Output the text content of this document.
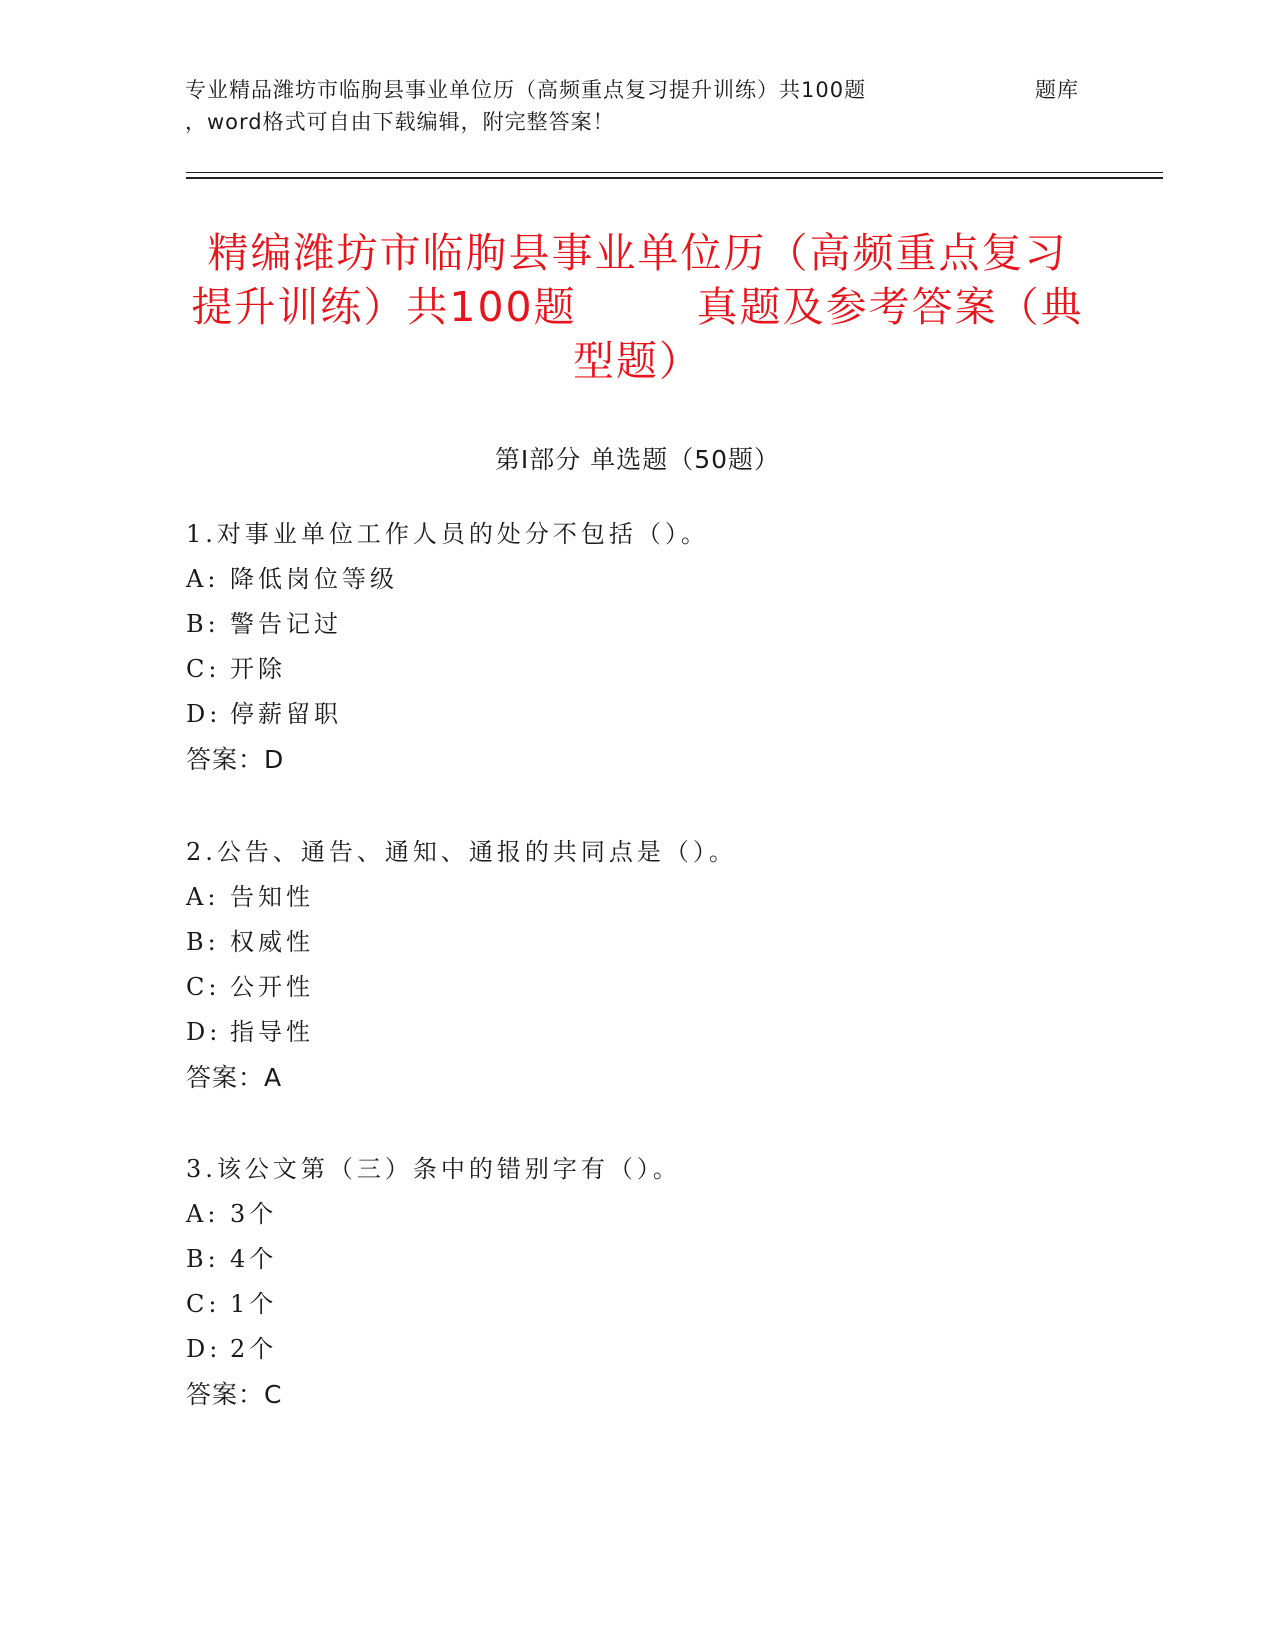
专业精品潍坊市临朐县事业单位历（高频重点复习提升训练）共100题	题库
，word格式可自由下载编辑，附完整答案！
精编潍坊市临朐县事业单位历（高频重点复习提升训练）共100题	真题及参考答案（典型题）
第Ⅰ部分 单选题（50题）
1.对事业单位工作人员的处分不包括（）。
A: 降低岗位等级
B: 警告记过
C: 开除
D: 停薪留职
答案：D
2.公告、通告、通知、通报的共同点是（）。
A: 告知性
B: 权威性
C: 公开性
D: 指导性
答案：A
3.该公文第（三）条中的错别字有（）。
A: 3个
B: 4个
C: 1个
D: 2个
答案：C
